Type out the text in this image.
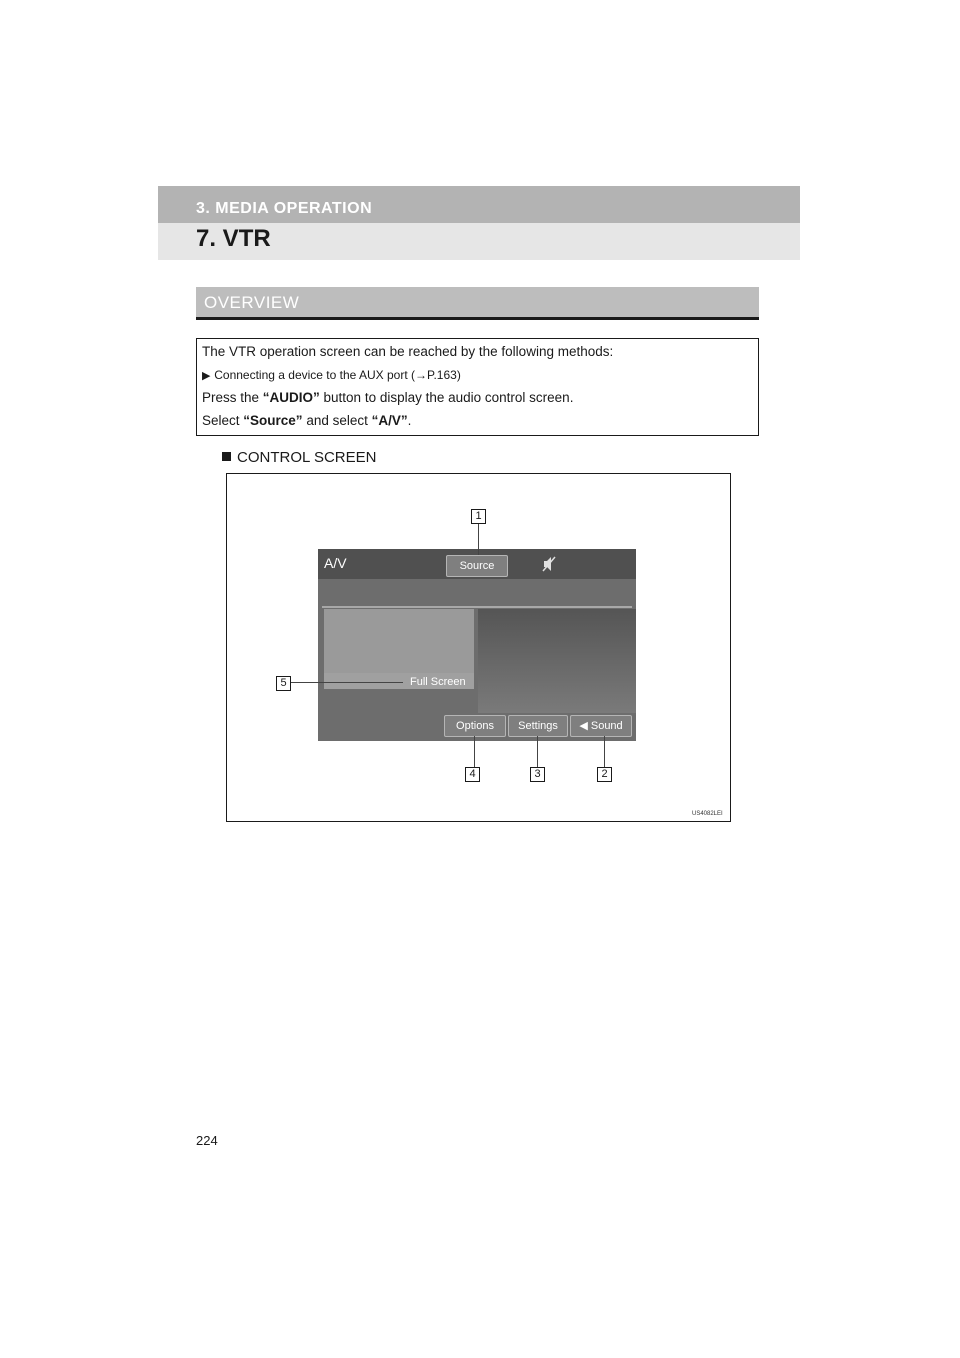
3. MEDIA OPERATION
7. VTR
OVERVIEW
The VTR operation screen can be reached by the following methods:
▶ Connecting a device to the AUX port (→P.163)
Press the “AUDIO” button to display the audio control screen.
Select “Source” and select “A/V”.
CONTROL SCREEN
A/V	Source
Full Screen
Options	Settings	◀ Sound
1
5
4	3	2
US4082LEI
224
